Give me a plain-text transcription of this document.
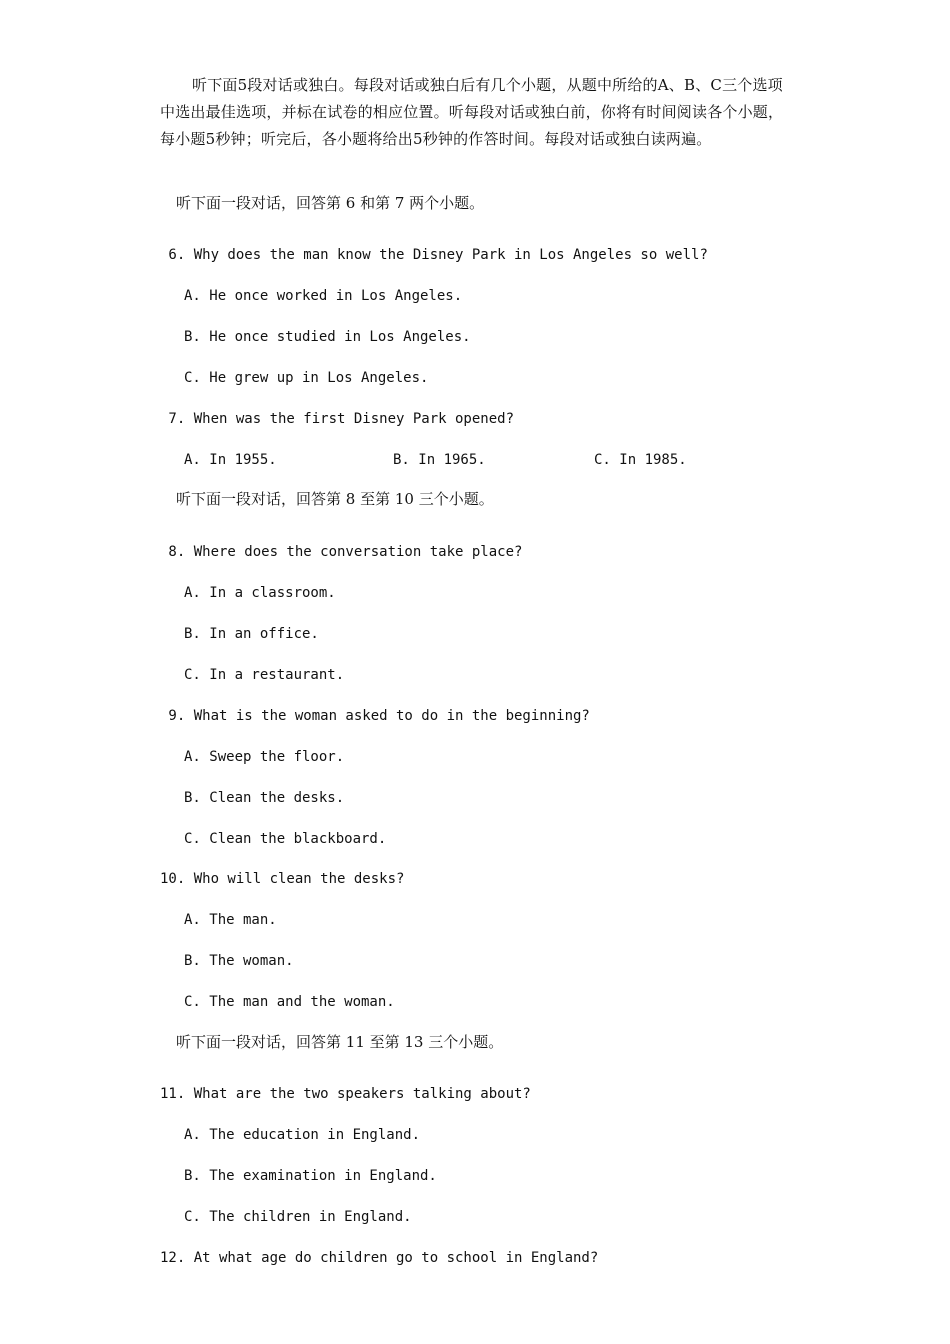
听下面5段对话或独白。每段对话或独白后有几个小题，从题中所给的A、B、C三个选项中选出最佳选项，并标在试卷的相应位置。听每段对话或独白前，你将有时间阅读各个小题，每小题5秒钟；听完后，各小题将给出5秒钟的作答时间。每段对话或独白读两遍。

听下面一段对话，回答第 6 和第 7 两个小题。
6. Why does the man know the Disney Park in Los Angeles so well?
A. He once worked in Los Angeles.
B. He once studied in Los Angeles.
C. He grew up in Los Angeles.
7. When was the first Disney Park opened?
A. In 1955.	B. In 1965.	C. In 1985.
听下面一段对话，回答第 8 至第 10 三个小题。
8. Where does the conversation take place?
A. In a classroom.
B. In an office.
C. In a restaurant.
9. What is the woman asked to do in the beginning?
A. Sweep the floor.
B. Clean the desks.
C. Clean the blackboard.
10. Who will clean the desks?
A. The man.
B. The woman.
C. The man and the woman.
听下面一段对话，回答第 11 至第 13 三个小题。
11. What are the two speakers talking about?
A. The education in England.
B. The examination in England.
C. The children in England.
12. At what age do children go to school in England?
